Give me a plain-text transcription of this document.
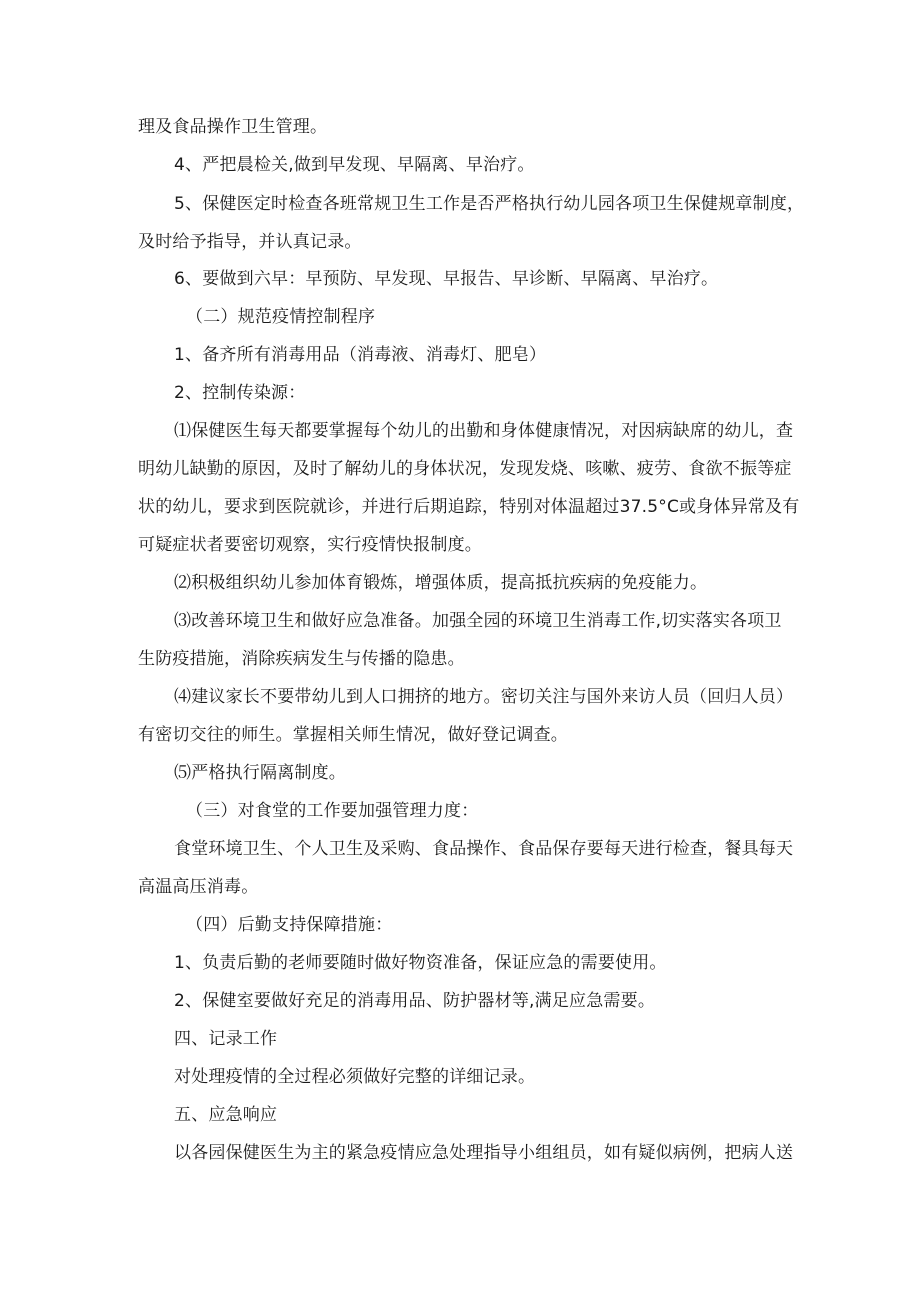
理及食品操作卫生管理。
4、严把晨检关,做到早发现、早隔离、早治疗。
5、保健医定时检查各班常规卫生工作是否严格执行幼儿园各项卫生保健规章制度，
及时给予指导，并认真记录。
6、要做到六早：早预防、早发现、早报告、早诊断、早隔离、早治疗。
（二）规范疫情控制程序
1、备齐所有消毒用品（消毒液、消毒灯、肥皂）
2、控制传染源：
⑴保健医生每天都要掌握每个幼儿的出勤和身体健康情况，对因病缺席的幼儿，查
明幼儿缺勤的原因，及时了解幼儿的身体状况，发现发烧、咳嗽、疲劳、食欲不振等症
状的幼儿，要求到医院就诊，并进行后期追踪，特别对体温超过37.5°C或身体异常及有
可疑症状者要密切观察，实行疫情快报制度。
⑵积极组织幼儿参加体育锻炼，增强体质，提高抵抗疾病的免疫能力。
⑶改善环境卫生和做好应急准备。加强全园的环境卫生消毒工作,切实落实各项卫
生防疫措施，消除疾病发生与传播的隐患。
⑷建议家长不要带幼儿到人口拥挤的地方。密切关注与国外来访人员（回归人员）
有密切交往的师生。掌握相关师生情况，做好登记调查。
⑸严格执行隔离制度。
（三）对食堂的工作要加强管理力度：
食堂环境卫生、个人卫生及采购、食品操作、食品保存要每天进行检查，餐具每天
高温高压消毒。
（四）后勤支持保障措施：
1、负责后勤的老师要随时做好物资准备，保证应急的需要使用。
2、保健室要做好充足的消毒用品、防护器材等,满足应急需要。
四、记录工作
对处理疫情的全过程必须做好完整的详细记录。
五、应急响应
以各园保健医生为主的紧急疫情应急处理指导小组组员，如有疑似病例，把病人送
